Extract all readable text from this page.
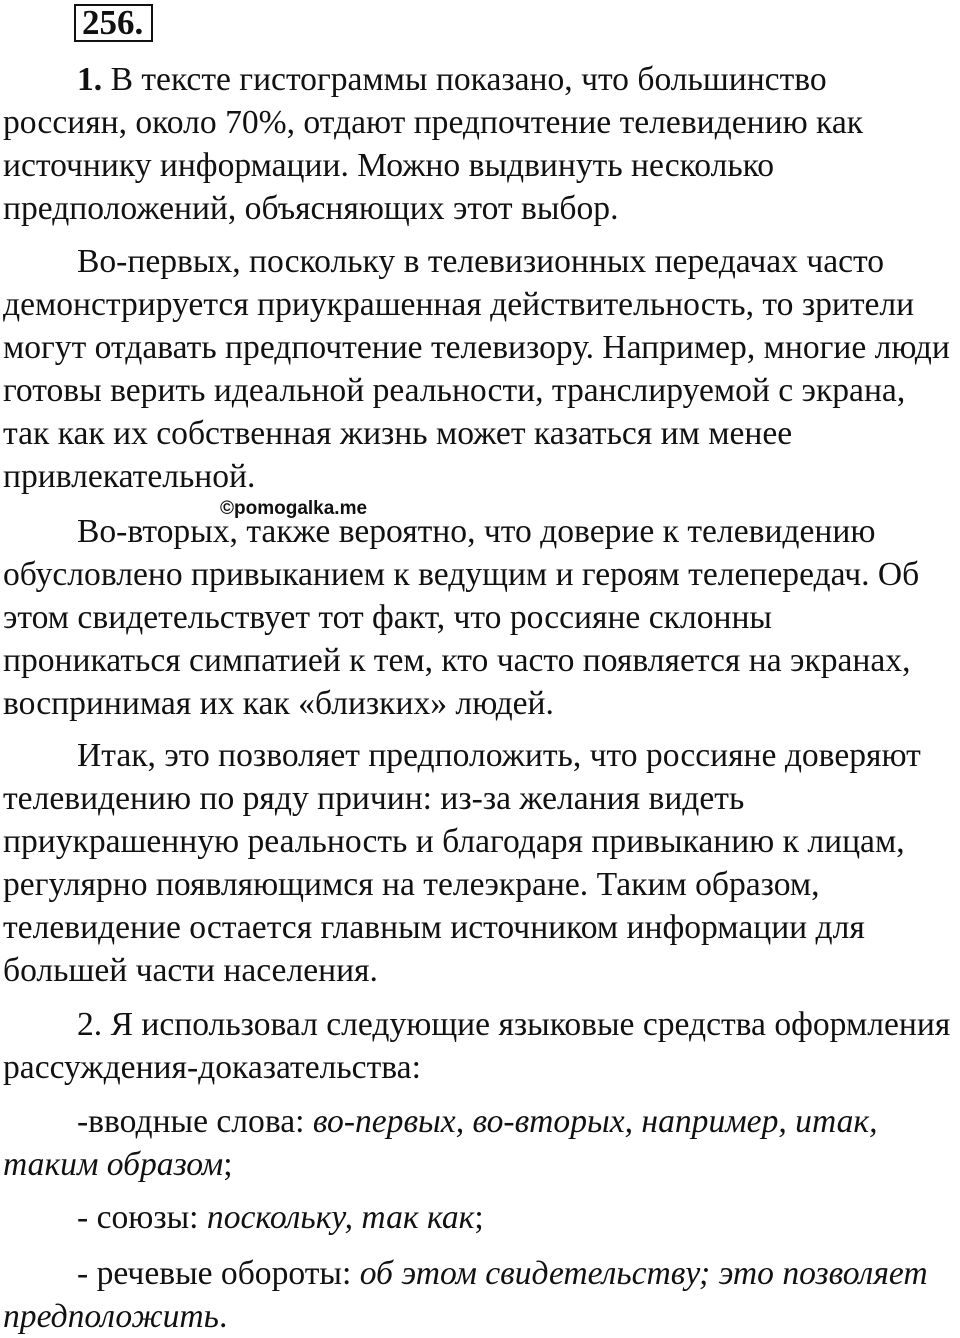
256.

1. В тексте гистограммы показано, что большинство россиян, около 70%, отдают предпочтение телевидению как источнику информации. Можно выдвинуть несколько предположений, объясняющих этот выбор.

Во-первых, поскольку в телевизионных передачах часто демонстрируется приукрашенная действительность, то зрители могут отдавать предпочтение телевизору. Например, многие люди готовы верить идеальной реальности, транслируемой с экрана, так как их собственная жизнь может казаться им менее привлекательной.

©pomogalka.me

Во-вторых, также вероятно, что доверие к телевидению обусловлено привыканием к ведущим и героям телепередач. Об этом свидетельствует тот факт, что россияне склонны проникаться симпатией к тем, кто часто появляется на экранах, воспринимая их как «близких» людей.

Итак, это позволяет предположить, что россияне доверяют телевидению по ряду причин: из-за желания видеть приукрашенную реальность и благодаря привыканию к лицам, регулярно появляющимся на телеэкране. Таким образом, телевидение остается главным источником информации для большей части населения.

2. Я использовал следующие языковые средства оформления рассуждения-доказательства:

-вводные слова: во-первых, во-вторых, например, итак, таким образом;

- союзы: поскольку, так как;

- речевые обороты: об этом свидетельству; это позволяет предположить.
